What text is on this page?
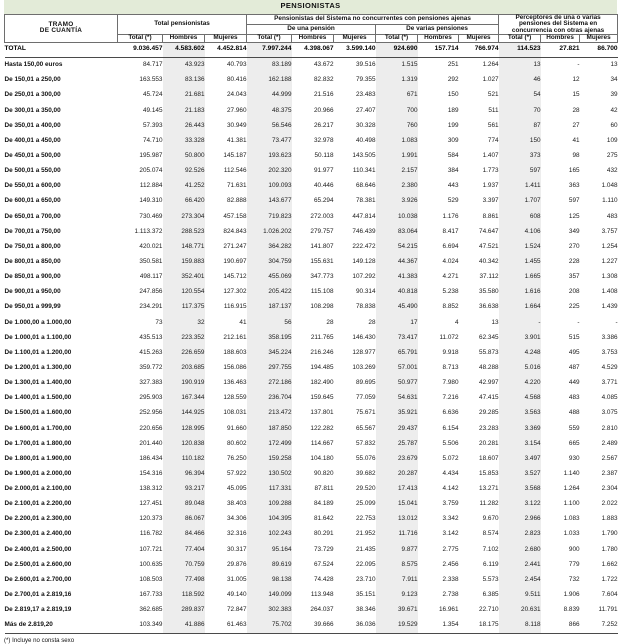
PENSIONISTAS
TRAMO
DE CUANTÍA	Total pensionistas			Pensionistas del Sistema no concurrentes con pensiones ajenas						Perceptores de una o varias pensiones del Sistema en concurrencia con otras ajenas		
				De una pensión			De varias pensiones					
	Total (*)	Hombres	Mujeres	Total (*)	Hombres	Mujeres	Total (*)	Hombres	Mujeres	Total (*)	Hombres	Mujeres
TOTAL	9.036.457	4.583.602	4.452.814	7.997.244	4.398.067	3.599.140	924.690	157.714	766.974	114.523	27.821	86.700
Hasta 150,00 euros	84.717	43.923	40.793	83.189	43.672	39.516	1.515	251	1.264	13	-	13
De 150,01 a 250,00	163.553	83.136	80.416	162.188	82.832	79.355	1.319	292	1.027	46	12	34
De 250,01 a 300,00	45.724	21.681	24.043	44.999	21.516	23.483	671	150	521	54	15	39
De 300,01 a 350,00	49.145	21.183	27.960	48.375	20.966	27.407	700	189	511	70	28	42
De 350,01 a 400,00	57.393	26.443	30.949	56.546	26.217	30.328	760	199	561	87	27	60
De 400,01 a 450,00	74.710	33.328	41.381	73.477	32.978	40.498	1.083	309	774	150	41	109
De 450,01 a 500,00	195.987	50.800	145.187	193.623	50.118	143.505	1.991	584	1.407	373	98	275
De 500,01 a 550,00	205.074	92.526	112.546	202.320	91.977	110.341	2.157	384	1.773	597	165	432
De 550,01 a 600,00	112.884	41.252	71.631	109.093	40.446	68.646	2.380	443	1.937	1.411	363	1.048
De 600,01 a 650,00	149.310	66.420	82.888	143.677	65.294	78.381	3.926	529	3.397	1.707	597	1.110
De 650,01 a 700,00	730.469	273.304	457.158	719.823	272.003	447.814	10.038	1.176	8.861	608	125	483
De 700,01 a 750,00	1.113.372	288.523	824.843	1.026.202	279.757	746.439	83.064	8.417	74.647	4.106	349	3.757
De 750,01 a 800,00	420.021	148.771	271.247	364.282	141.807	222.472	54.215	6.694	47.521	1.524	270	1.254
De 800,01 a 850,00	350.581	159.883	190.697	304.759	155.631	149.128	44.367	4.024	40.342	1.455	228	1.227
De 850,01 a 900,00	498.117	352.401	145.712	455.069	347.773	107.292	41.383	4.271	37.112	1.665	357	1.308
De 900,01 a 950,00	247.856	120.554	127.302	205.422	115.108	90.314	40.818	5.238	35.580	1.616	208	1.408
De 950,01 a 999,99	234.291	117.375	116.915	187.137	108.298	78.838	45.490	8.852	36.638	1.664	225	1.439
De 1.000,00 a 1.000,00	73	32	41	56	28	28	17	4	13	-	-	-
De 1.000,01 a 1.100,00	435.513	223.352	212.161	358.195	211.765	146.430	73.417	11.072	62.345	3.901	515	3.386
De 1.100,01 a 1.200,00	415.263	226.659	188.603	345.224	216.246	128.977	65.791	9.918	55.873	4.248	495	3.753
De 1.200,01 a 1.300,00	359.772	203.685	156.086	297.755	194.485	103.269	57.001	8.713	48.288	5.016	487	4.529
De 1.300,01 a 1.400,00	327.383	190.919	136.463	272.186	182.490	89.695	50.977	7.980	42.997	4.220	449	3.771
De 1.400,01 a 1.500,00	295.903	167.344	128.559	236.704	159.645	77.059	54.631	7.216	47.415	4.568	483	4.085
De 1.500,01 a 1.600,00	252.956	144.925	108.031	213.472	137.801	75.671	35.921	6.636	29.285	3.563	488	3.075
De 1.600,01 a 1.700,00	220.656	128.995	91.660	187.850	122.282	65.567	29.437	6.154	23.283	3.369	559	2.810
De 1.700,01 a 1.800,00	201.440	120.838	80.602	172.499	114.667	57.832	25.787	5.506	20.281	3.154	665	2.489
De 1.800,01 a 1.900,00	186.434	110.182	76.250	159.258	104.180	55.076	23.679	5.072	18.607	3.497	930	2.567
De 1.900,01 a 2.000,00	154.316	96.394	57.922	130.502	90.820	39.682	20.287	4.434	15.853	3.527	1.140	2.387
De 2.000,01 a 2.100,00	138.312	93.217	45.095	117.331	87.811	29.520	17.413	4.142	13.271	3.568	1.264	2.304
De 2.100,01 a 2.200,00	127.451	89.048	38.403	109.288	84.189	25.099	15.041	3.759	11.282	3.122	1.100	2.022
De 2.200,01 a 2.300,00	120.373	86.067	34.306	104.395	81.642	22.753	13.012	3.342	9.670	2.966	1.083	1.883
De 2.300,01 a 2.400,00	116.782	84.466	32.316	102.243	80.291	21.952	11.716	3.142	8.574	2.823	1.033	1.790
De 2.400,01 a 2.500,00	107.721	77.404	30.317	95.164	73.729	21.435	9.877	2.775	7.102	2.680	900	1.780
De 2.500,01 a 2.600,00	100.635	70.759	29.876	89.619	67.524	22.095	8.575	2.456	6.119	2.441	779	1.662
De 2.600,01 a 2.700,00	108.503	77.498	31.005	98.138	74.428	23.710	7.911	2.338	5.573	2.454	732	1.722
De 2.700,01 a 2.819,16	167.733	118.592	49.140	149.099	113.948	35.151	9.123	2.738	6.385	9.511	1.906	7.604
De 2.819,17 a 2.819,19	362.685	289.837	72.847	302.383	264.037	38.346	39.671	16.961	22.710	20.631	8.839	11.791
Más de 2.819,20	103.349	41.886	61.463	75.702	39.666	36.036	19.529	1.354	18.175	8.118	866	7.252
(*) Incluye no consta sexo
